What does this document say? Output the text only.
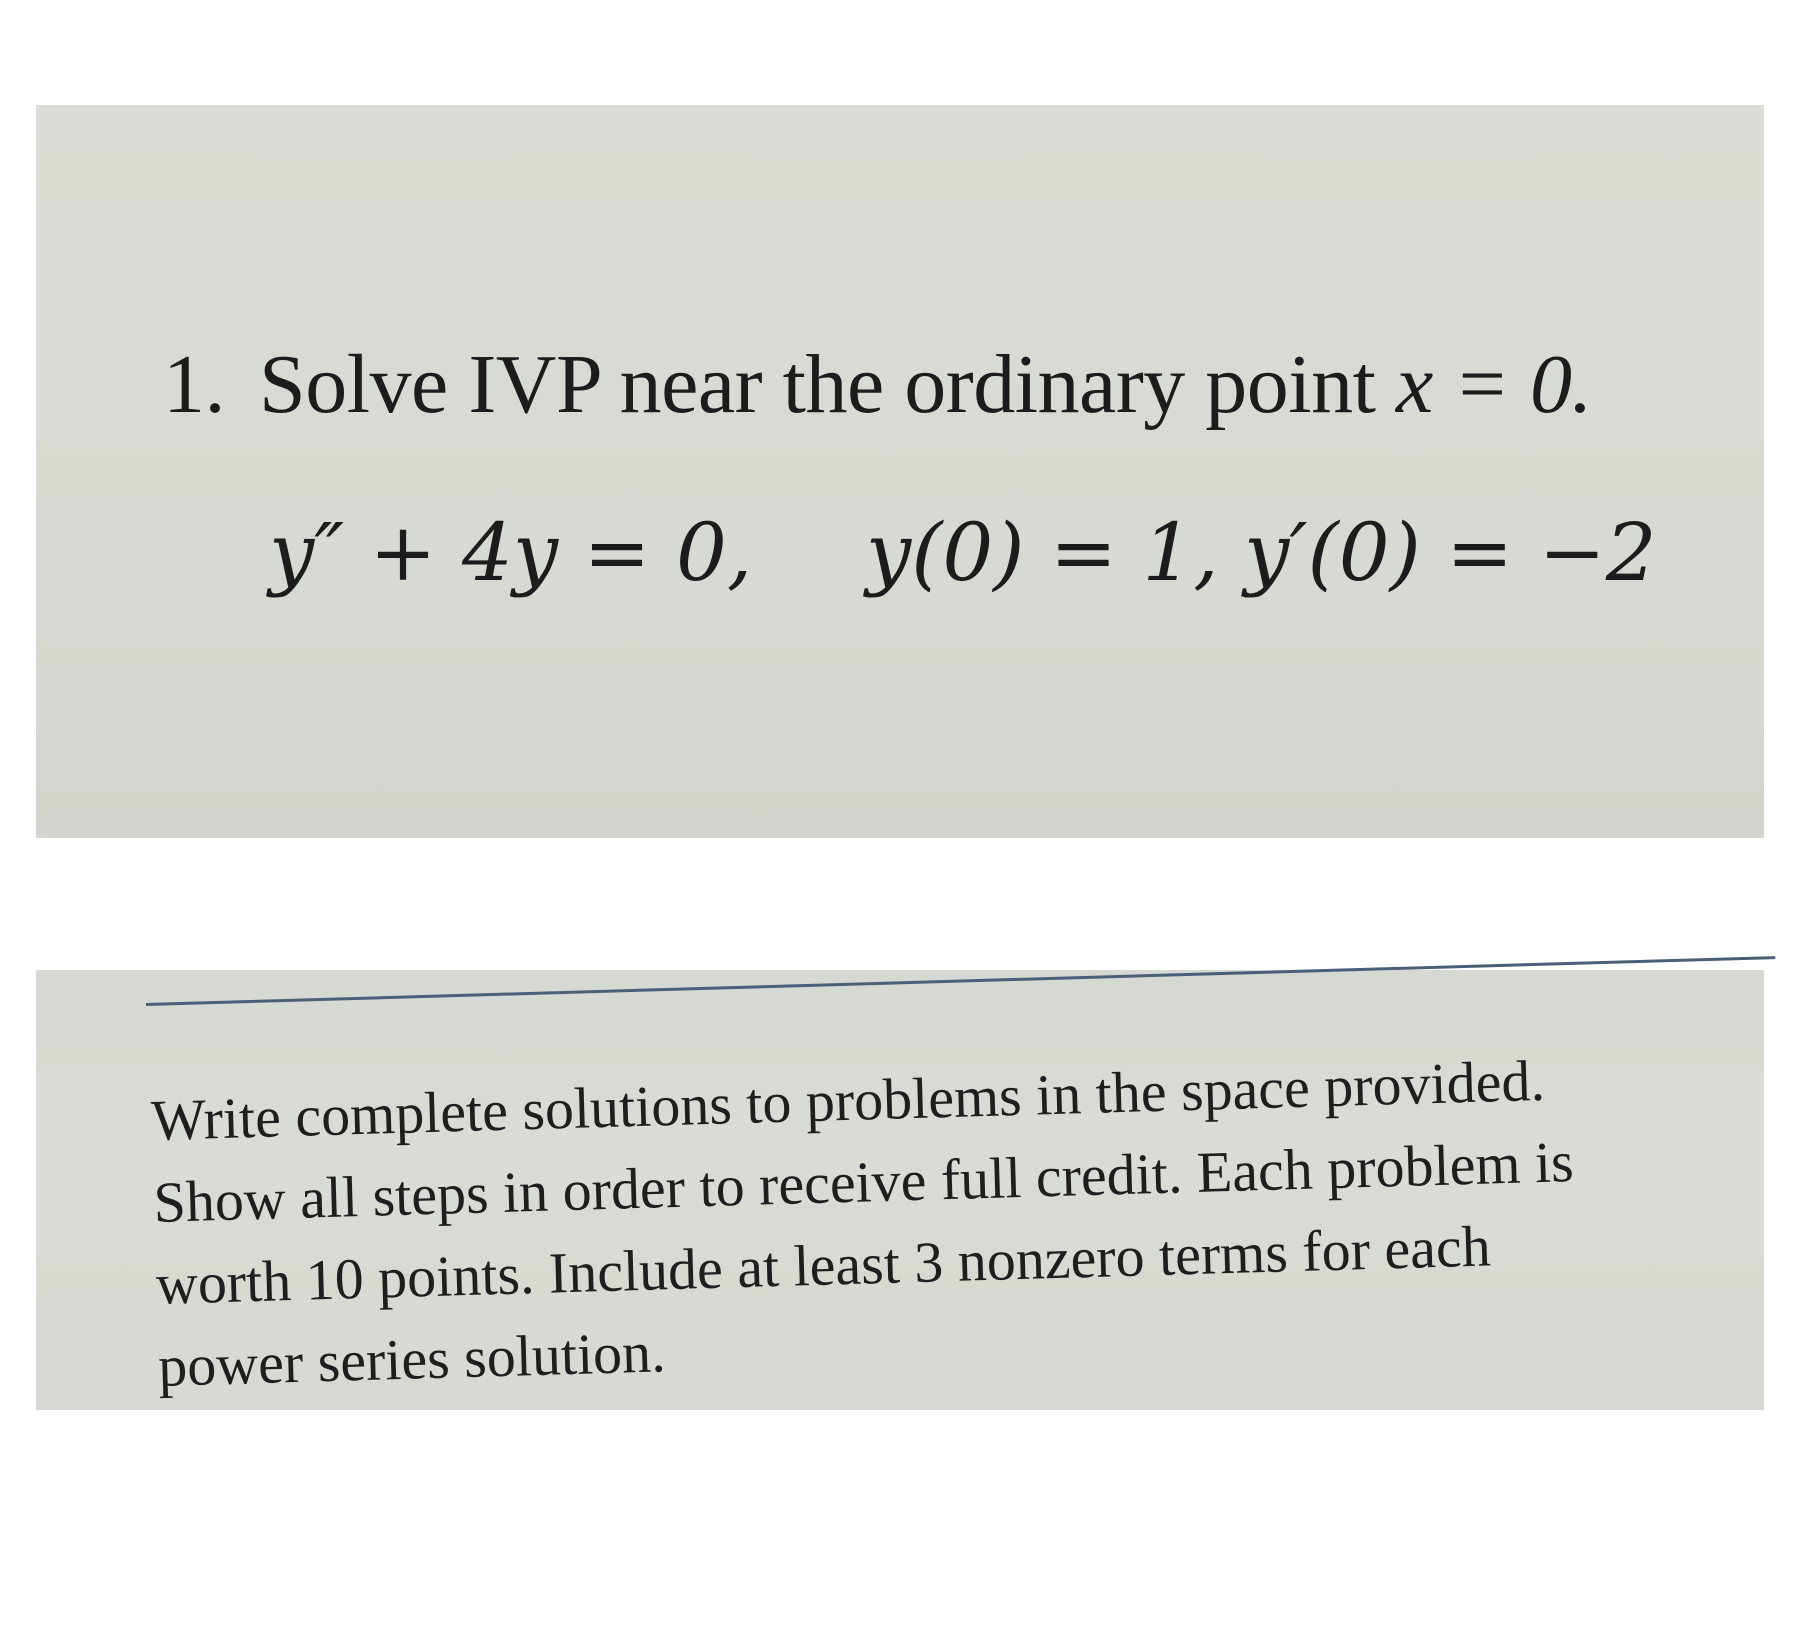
1. Solve IVP near the ordinary point x = 0.
y″ + 4y = 0, y(0) = 1, y′(0) = −2
Write complete solutions to problems in the space provided.
Show all steps in order to receive full credit. Each problem is
worth 10 points. Include at least 3 nonzero terms for each
power series solution.
